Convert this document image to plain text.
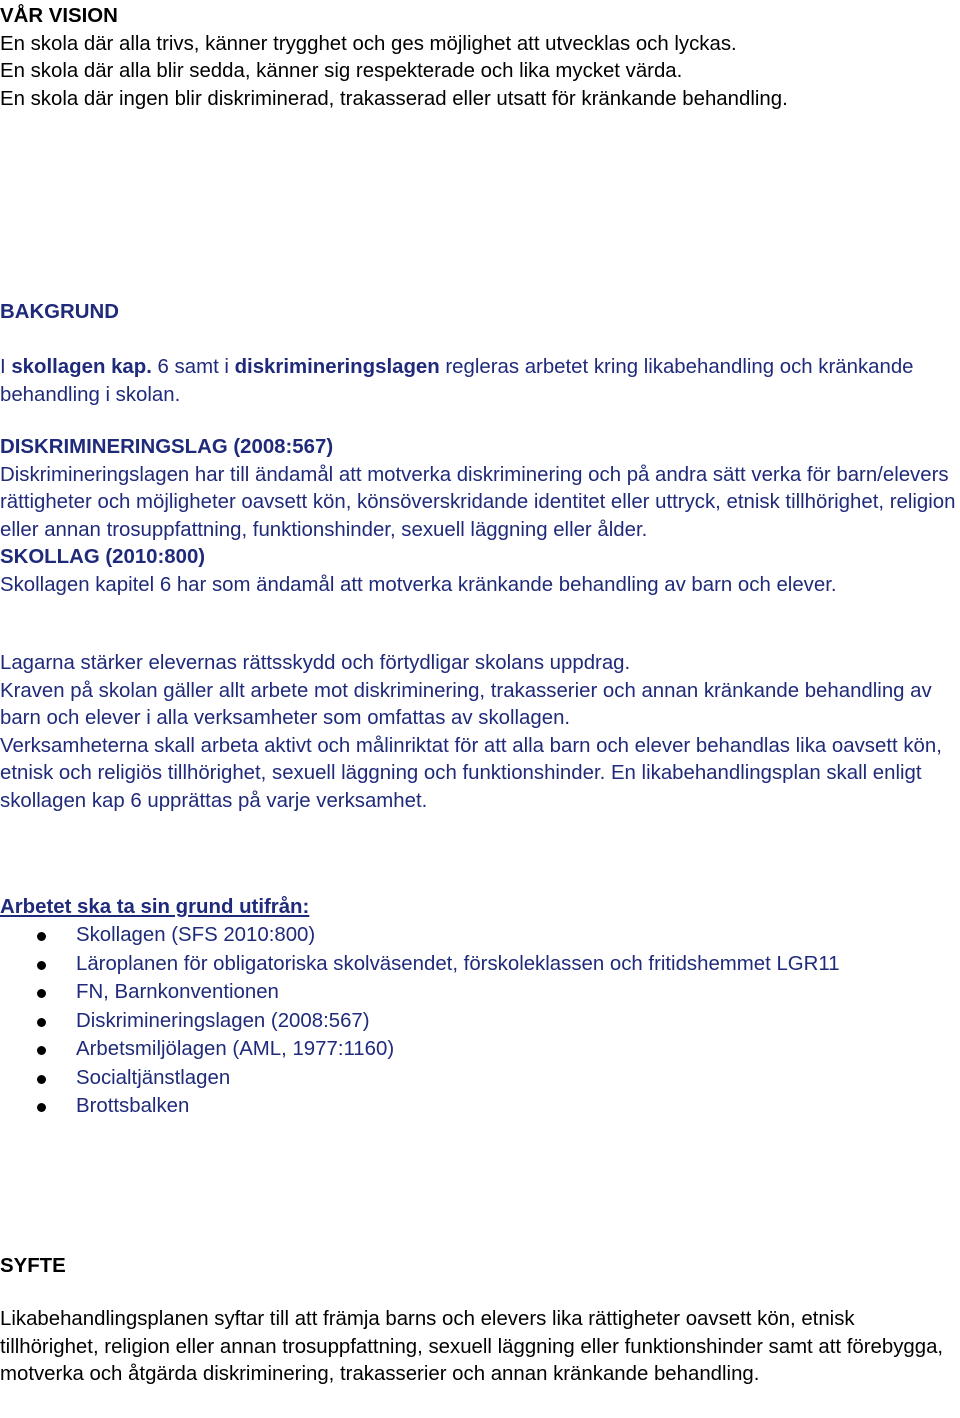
VÅR VISION

En skola där alla trivs, känner trygghet och ges möjlighet att utvecklas och lyckas.

En skola där alla blir sedda, känner sig respekterade och lika mycket värda.

En skola där ingen blir diskriminerad, trakasserad eller utsatt för kränkande behandling.

BAKGRUND

I skollagen kap. 6 samt i diskrimineringslagen regleras arbetet kring likabehandling och kränkande behandling i skolan.

DISKRIMINERINGSLAG (2008:567)

Diskrimineringslagen har till ändamål att motverka diskriminering och på andra sätt verka för barn/elevers rättigheter och möjligheter oavsett kön, könsöverskridande identitet eller uttryck, etnisk tillhörighet, religion eller annan trosuppfattning, funktionshinder, sexuell läggning eller ålder.

SKOLLAG (2010:800)

Skollagen kapitel 6 har som ändamål att motverka kränkande behandling av barn och elever.

Lagarna stärker elevernas rättsskydd och förtydligar skolans uppdrag.

Kraven på skolan gäller allt arbete mot diskriminering, trakasserier och annan kränkande behandling av barn och elever i alla verksamheter som omfattas av skollagen.

Verksamheterna skall arbeta aktivt och målinriktat för att alla barn och elever behandlas lika oavsett kön, etnisk och religiös tillhörighet, sexuell läggning och funktionshinder. En likabehandlingsplan skall enligt skollagen kap 6 upprättas på varje verksamhet.

Arbetet ska ta sin grund utifrån:

Skollagen (SFS 2010:800)
Läroplanen för obligatoriska skolväsendet, förskoleklassen och fritidshemmet LGR11
FN, Barnkonventionen
Diskrimineringslagen (2008:567)
Arbetsmiljölagen (AML, 1977:1160)
Socialtjänstlagen
Brottsbalken

SYFTE

Likabehandlingsplanen syftar till att främja barns och elevers lika rättigheter oavsett kön, etnisk tillhörighet, religion eller annan trosuppfattning, sexuell läggning eller funktionshinder samt att förebygga, motverka och åtgärda diskriminering, trakasserier och annan kränkande behandling.
